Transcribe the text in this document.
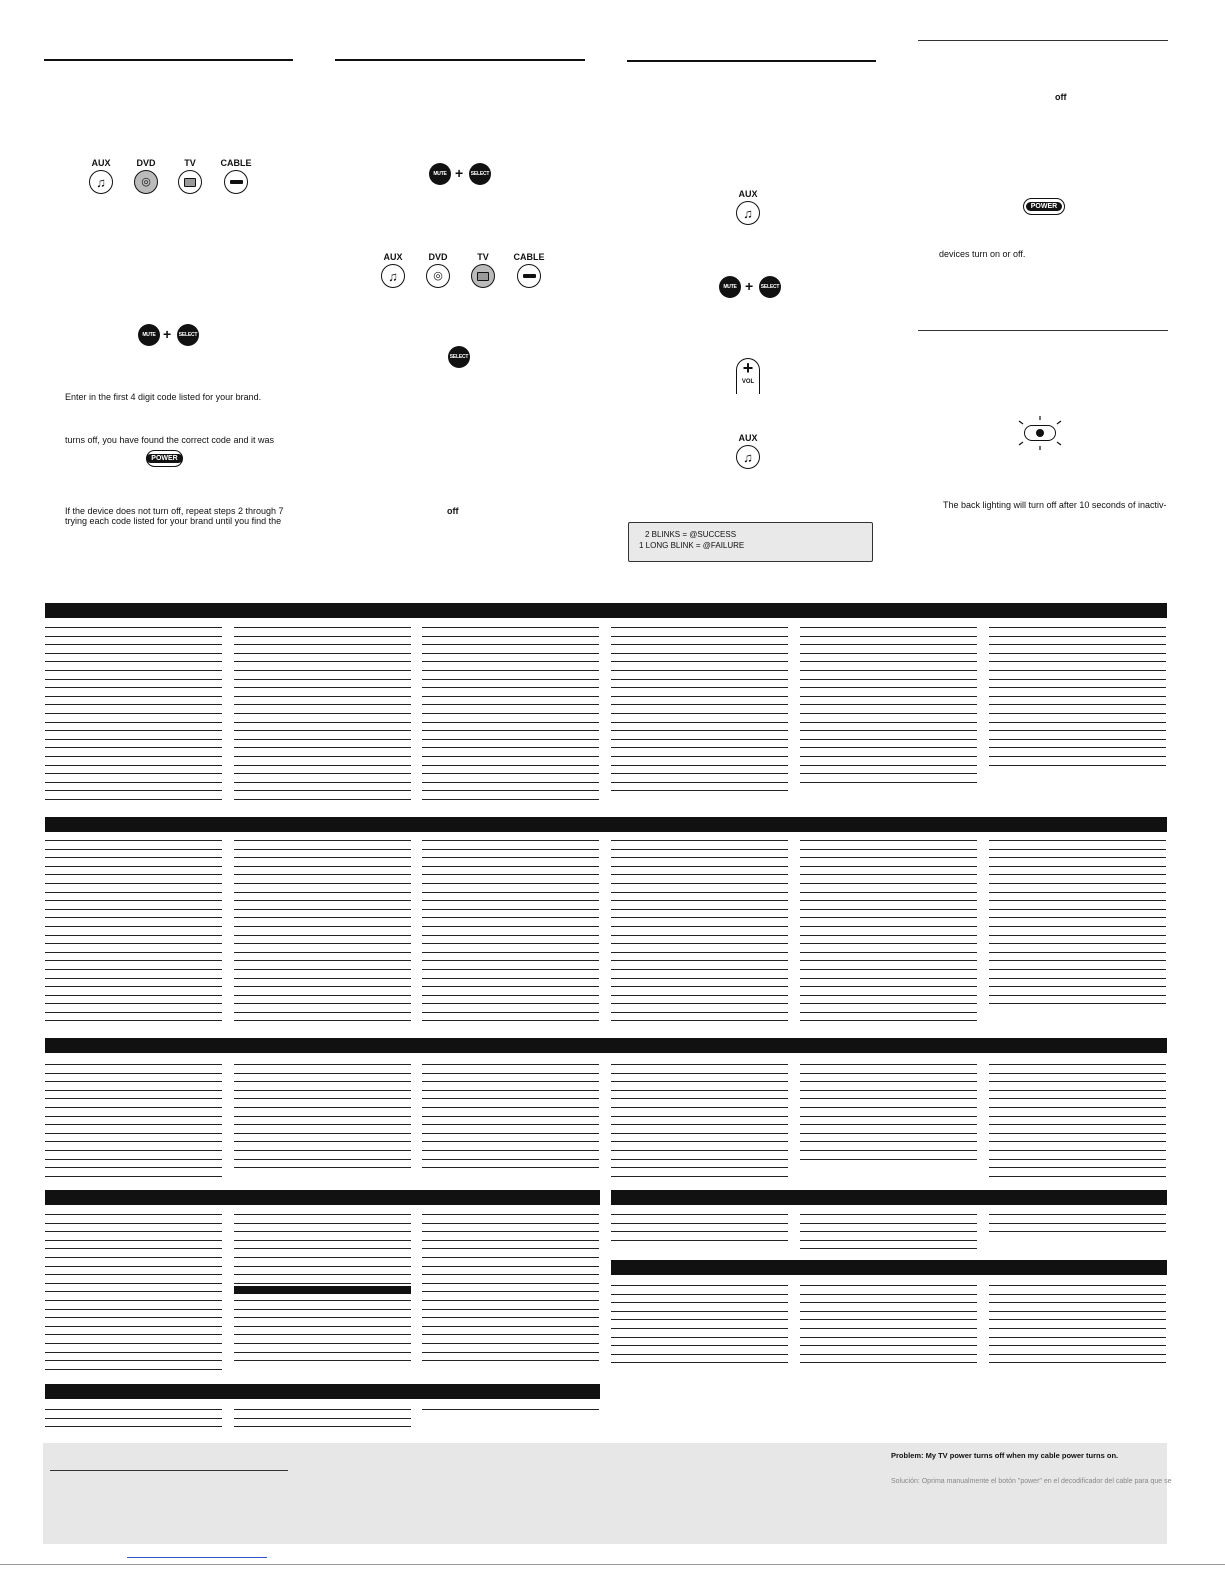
AUX
♫
DVD
◎
TV	CABLE
MUTE + SELECT
Enter in the first 4 digit code listed for your brand.
turns off, you have found the correct code and it was
POWER
If the device does not turn off, repeat steps 2 through 7
trying each code listed for your brand until you find the
MUTE + SELECT
AUX
♫
DVD
◎
TV	CABLE
SELECT
off
AUX
♫
MUTE + SELECT
+
VOL
AUX
♫
2 BLINKS = @SUCCESS
1 LONG BLINK = @FAILURE
off
POWER
devices turn on or off.
The back lighting will turn off after 10 seconds of inactiv-
Problem: My TV power turns off when my cable power turns on.
Solución: Oprima manualmente el botón "power" en el decodificador del cable para que se
